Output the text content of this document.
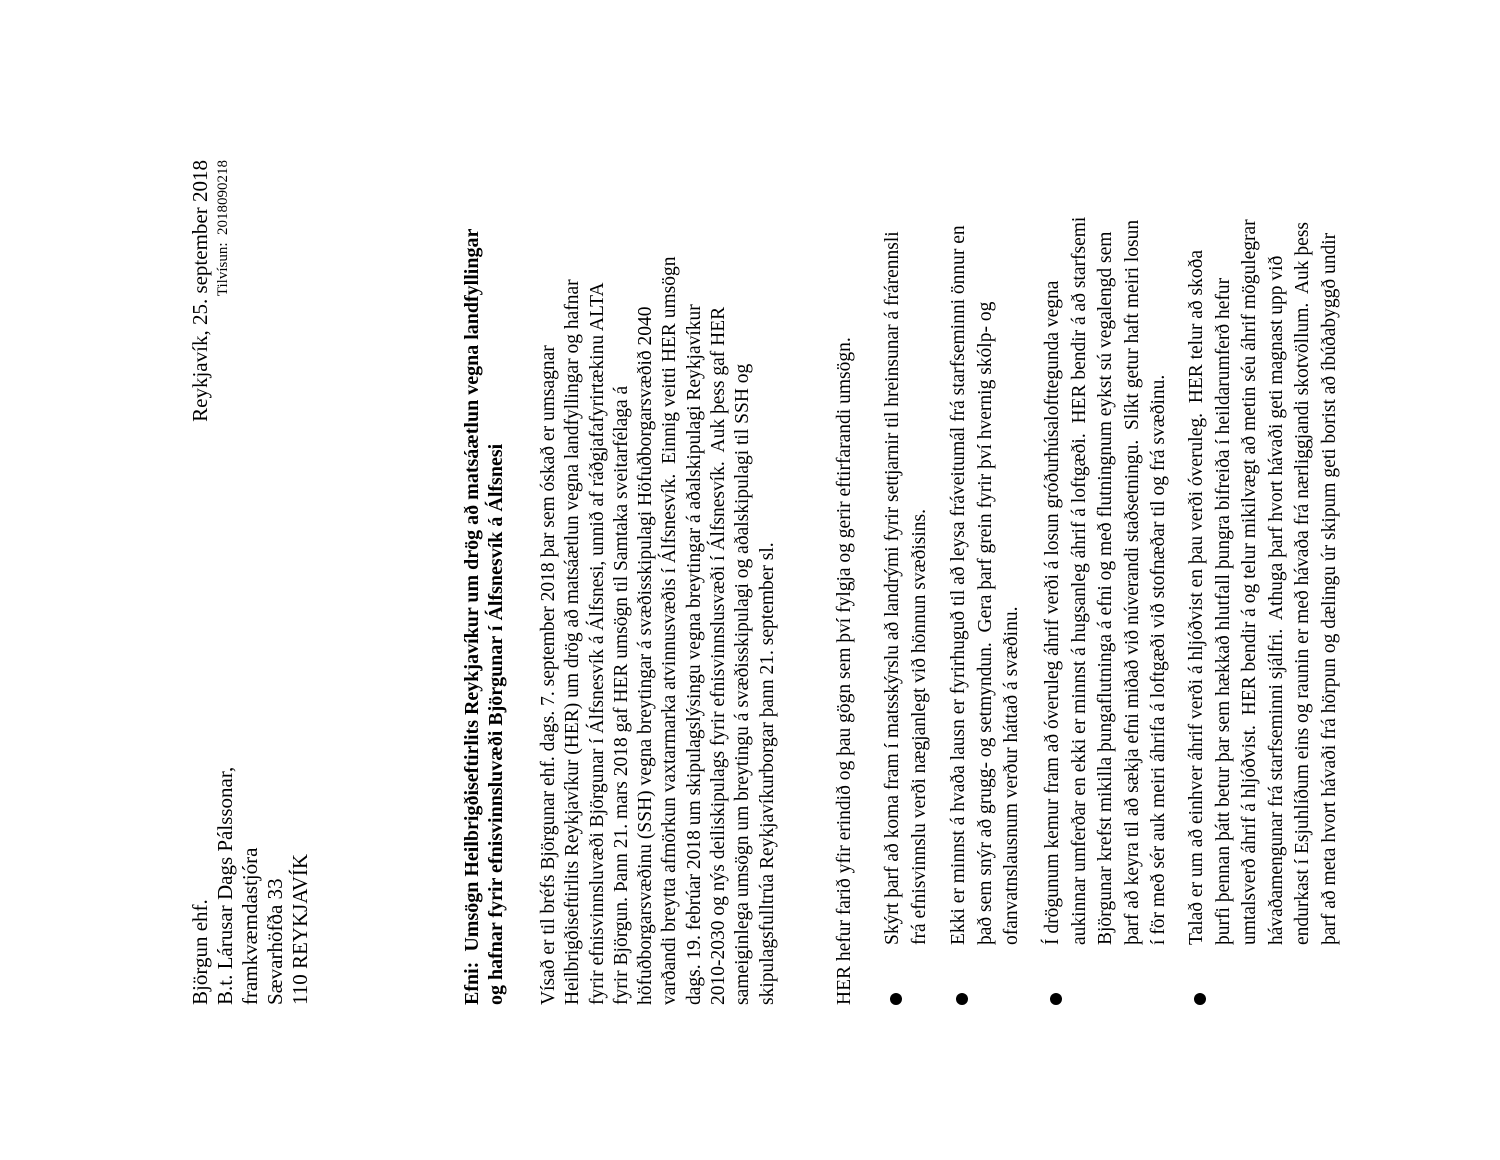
Björgun ehf. B.t. Lárusar Dags Pálssonar, framkvæmdastjóra Sævarhöfða 33 110 REYKJAVÍK
Reykjavík, 25. september 2018 Tilvísun:  2018090218
Efni:  Umsögn Heilbrigðiseftirlits Reykjavíkur um drög að matsáætlun vegna landfyllingar og hafnar fyrir efnisvinnsluvæði Björgunar í Álfsnesvík á Álfsnesi Vísað er til bréfs Björgunar ehf. dags. 7. september 2018 þar sem óskað er umsagnar Heilbrigðiseftirlits Reykjavíkur (HER) um drög að matsáætlun vegna landfyllingar og hafnar fyrir efnisvinnsluvæði Björgunar í Álfsnesvík á Álfsnesi, unnið af ráðgjafafyrirtækinu ALTA fyrir Björgun. Þann 21. mars 2018 gaf HER umsögn til Samtaka sveitarfélaga á höfuðborgarsvæðinu (SSH) vegna breytingar á svæðisskipulagi Höfuðborgarsvæðið 2040 varðandi breytta afmörkun vaxtarmarka atvinnusvæðis í Álfsnesvík.  Einnig veitti HER umsögn dags. 19. febrúar 2018 um skipulagslýsingu vegna breytingar á aðalskipulagi Reykjavíkur 2010-2030 og nýs deiliskipulags fyrir efnisvinnslusvæði í Álfsnesvík.  Auk þess gaf HER sameiginlega umsögn um breytingu á svæðisskipulagi og aðalskipulagi til SSH og skipulagsfulltrúa Reykjavíkurborgar þann 21. september sl.	HER hefur farið yfir erindið og þau gögn sem því fylgja og gerir eftirfarandi umsögn. Skýrt þarf að koma fram í matsskýrslu að landrými fyrir settjarnir til hreinsunar á frárennsli frá efnisvinnslu verði nægjanlegt við hönnun svæðisins. Ekki er minnst á hvaða lausn er fyrirhuguð til að leysa fráveitumál frá starfseminni önnur en það sem snýr að grugg- og setmyndun.  Gera þarf grein fyrir því hvernig skólp- og ofanvatnslausnum verður háttað á svæðinu. Í drögunum kemur fram að óveruleg áhrif verði á losun gróðurhúsalofttegunda vegna aukinnar umferðar en ekki er minnst á hugsanleg áhrif á loftgæði.  HER bendir á að starfsemi Björgunar krefst mikilla þungaflutninga á efni og með flutningnum eykst sú vegalengd sem þarf að keyra til að sækja efni miðað við núverandi staðsetningu.  Slíkt getur haft meiri losun í för með sér auk meiri áhrifa á loftgæði við stofnæðar til og frá svæðinu. Talað er um að einhver áhrif verði á hljóðvist en þau verði óveruleg.  HER telur að skoða þurfi þennan þátt betur þar sem hækkað hlutfall þungra bifreiða í heildarumferð hefur umtalsverð áhrif á hljóðvist.  HER bendir á og telur mikilvægt að metin séu áhrif mögulegrar hávaðamengunar frá starfseminni sjálfri.  Athuga þarf hvort hávaði geti magnast upp við endurkast í Esjuhlíðum eins og raunin er með hávaða frá nærliggjandi skotvöllum.  Auk þess þarf að meta hvort hávaði frá hörpun og dælingu úr skipum geti borist að íbúðabyggð undir
